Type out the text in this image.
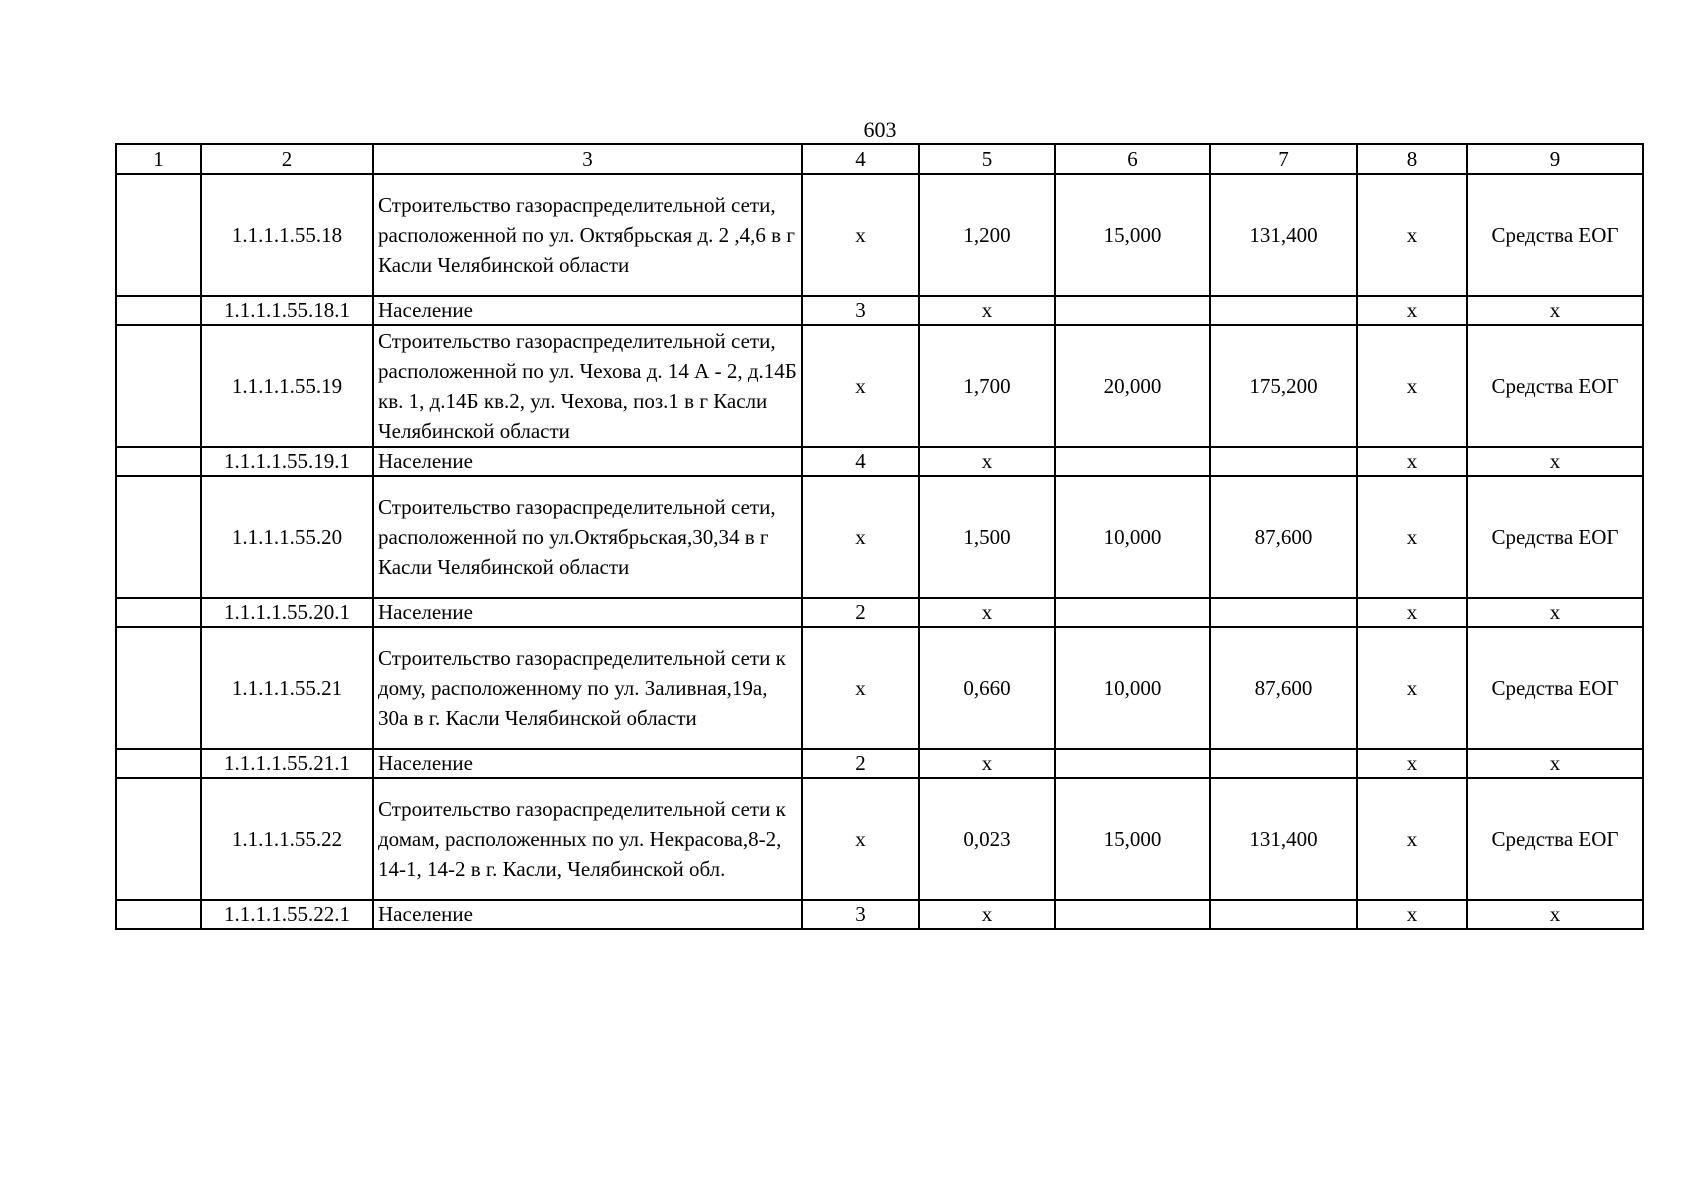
603
1	2	3	4	5	6	7	8	9
	1.1.1.1.55.18	Строительство газораспределительной сети, расположенной по ул. Октябрьская д. 2 ,4,6 в г Касли Челябинской области	x	1,200	15,000	131,400	x	Средства ЕОГ
	1.1.1.1.55.18.1	Население	3	x			x	x
	1.1.1.1.55.19	Строительство газораспределительной сети, расположенной по ул. Чехова д. 14 А - 2, д.14Б кв. 1, д.14Б кв.2, ул. Чехова, поз.1 в г Касли Челябинской области	x	1,700	20,000	175,200	x	Средства ЕОГ
	1.1.1.1.55.19.1	Население	4	x			x	x
	1.1.1.1.55.20	Строительство газораспределительной сети, расположенной по ул.Октябрьская,30,34 в г Касли Челябинской области	x	1,500	10,000	87,600	x	Средства ЕОГ
	1.1.1.1.55.20.1	Население	2	x			x	x
	1.1.1.1.55.21	Строительство газораспределительной сети к дому, расположенному по ул. Заливная,19а, 30а в г. Касли Челябинской области	x	0,660	10,000	87,600	x	Средства ЕОГ
	1.1.1.1.55.21.1	Население	2	x			x	x
	1.1.1.1.55.22	Строительство газораспределительной сети к домам, расположенных по ул. Некрасова,8-2, 14-1, 14-2 в г. Касли, Челябинской обл.	x	0,023	15,000	131,400	x	Средства ЕОГ
	1.1.1.1.55.22.1	Население	3	x			x	x
